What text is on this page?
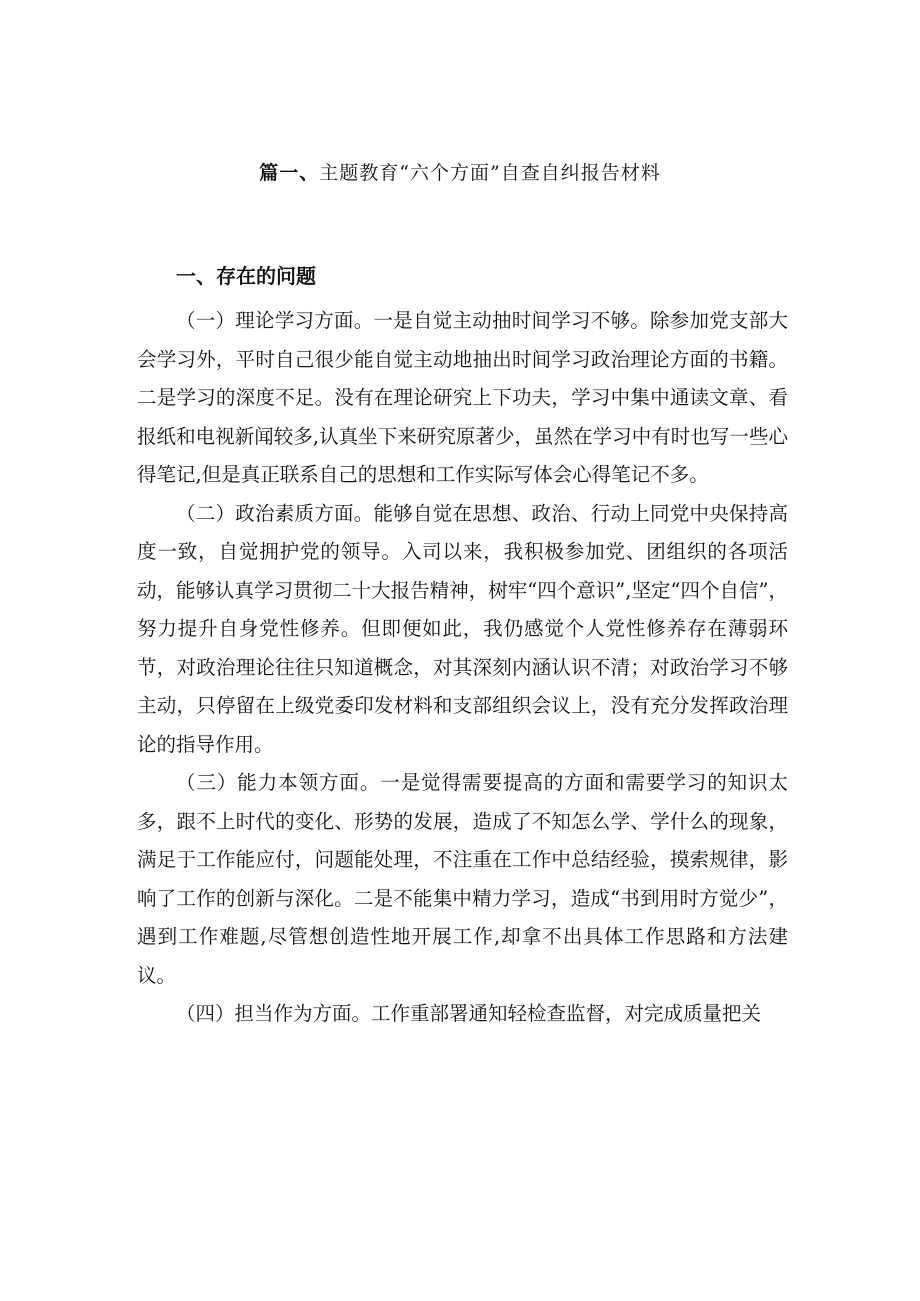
篇一、主题教育“六个方面”自查自纠报告材料
一、存在的问题

（一）理论学习方面。一是自觉主动抽时间学习不够。除参加党支部大会学习外，平时自己很少能自觉主动地抽出时间学习政治理论方面的书籍。二是学习的深度不足。没有在理论研究上下功夫，学习中集中通读文章、看报纸和电视新闻较多,认真坐下来研究原著少，虽然在学习中有时也写一些心得笔记,但是真正联系自己的思想和工作实际写体会心得笔记不多。

（二）政治素质方面。能够自觉在思想、政治、行动上同党中央保持高度一致，自觉拥护党的领导。入司以来，我积极参加党、团组织的各项活动，能够认真学习贯彻二十大报告精神，树牢“四个意识”,坚定“四个自信”，努力提升自身党性修养。但即便如此，我仍感觉个人党性修养存在薄弱环节，对政治理论往往只知道概念，对其深刻内涵认识不清；对政治学习不够主动，只停留在上级党委印发材料和支部组织会议上，没有充分发挥政治理论的指导作用。

（三）能力本领方面。一是觉得需要提高的方面和需要学习的知识太多，跟不上时代的变化、形势的发展，造成了不知怎么学、学什么的现象，满足于工作能应付，问题能处理，不注重在工作中总结经验，摸索规律，影响了工作的创新与深化。二是不能集中精力学习，造成“书到用时方觉少”，遇到工作难题,尽管想创造性地开展工作,却拿不出具体工作思路和方法建议。

（四）担当作为方面。工作重部署通知轻检查监督，对完成质量把关
